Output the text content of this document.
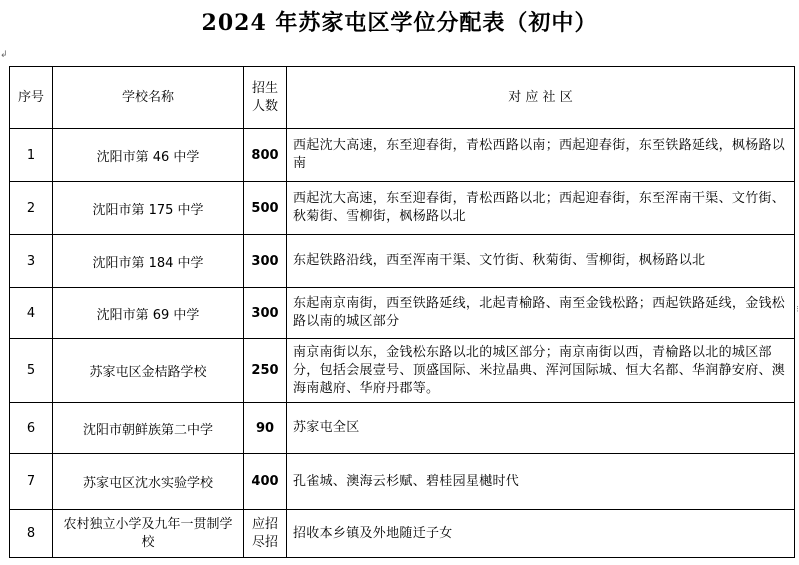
2024 年苏家屯区学位分配表（初中）
↲
序号	学校名称	招生人数	对 应 社 区
1	沈阳市第 46 中学	800	西起沈大高速，东至迎春街，青松西路以南；西起迎春街，东至铁路延线，枫杨路以南
2	沈阳市第 175 中学	500	西起沈大高速，东至迎春街，青松西路以北；西起迎春街，东至浑南干渠、文竹街、秋菊街、雪柳街，枫杨路以北
3	沈阳市第 184 中学	300	东起铁路沿线，西至浑南干渠、文竹街、秋菊街、雪柳街，枫杨路以北
4	沈阳市第 69 中学	300	东起南京南街，西至铁路延线，北起青榆路、南至金钱松路；西起铁路延线，金钱松路以南的城区部分
5	苏家屯区金桔路学校	250	南京南街以东，金钱松东路以北的城区部分；南京南街以西，青榆路以北的城区部分，包括会展壹号、顶盛国际、米拉晶典、浑河国际城、恒大名都、华润静安府、澳海南越府、华府丹郡等。
6	沈阳市朝鲜族第二中学	90	苏家屯全区
7	苏家屯区沈水实验学校	400	孔雀城、澳海云杉赋、碧桂园星樾时代
8	农村独立小学及九年一贯制学校	应招尽招	招收本乡镇及外地随迁子女
⁝
